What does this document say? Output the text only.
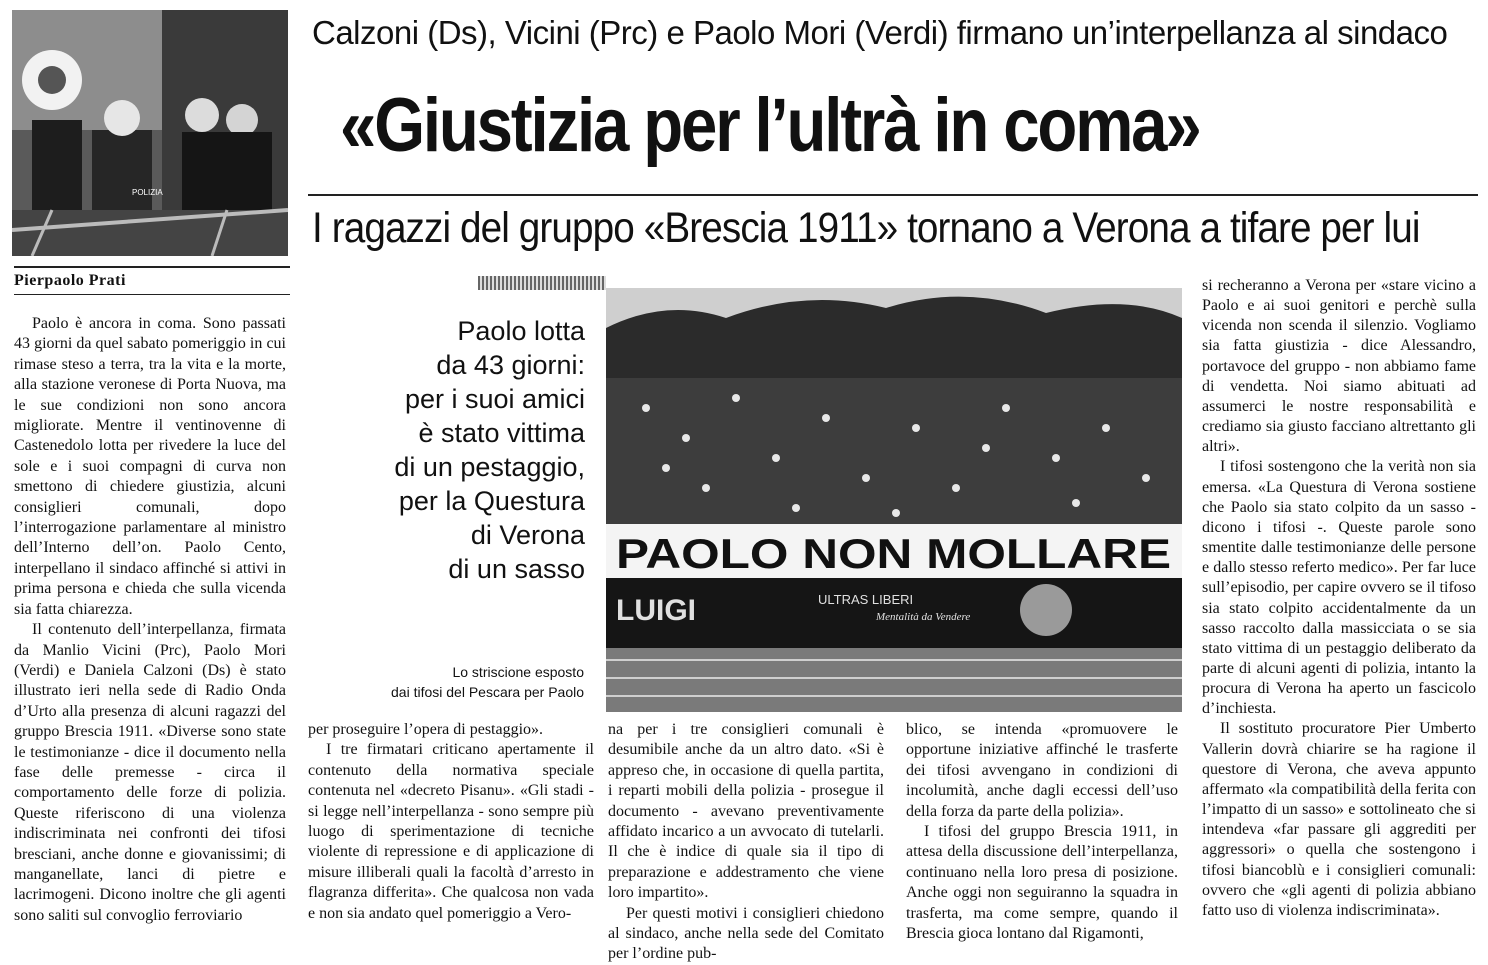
POLIZIA
Calzoni (Ds), Vicini (Prc) e Paolo Mori (Verdi) firmano un’interpellanza al sindaco
«Giustizia per l’ultrà in coma»
I ragazzi del gruppo «Brescia 1911» tornano a Verona a tifare per lui
Pierpaolo Prati
Paolo lotta
da 43 giorni:
per i suoi amici
è stato vittima
di un pestaggio,
per la Questura
di Verona
di un sasso PAOLO NON MOLLARE
LUIGI	ULTRAS LIBERI
Mentalità da Vendere
Lo striscione esposto
dai tifosi del Pescara per Paolo

Paolo è ancora in coma. Sono passati 43 giorni da quel sabato pomeriggio in cui rimase steso a terra, tra la vita e la morte, alla stazione veronese di Porta Nuova, ma le sue condizioni non sono ancora migliorate. Mentre il ventinovenne di Castenedolo lotta per rivedere la luce del sole e i suoi compagni di curva non smettono di chiedere giustizia, alcuni consiglieri comunali, dopo l’interrogazione parlamentare al ministro dell’Interno dell’on. Paolo Cento, interpellano il sindaco affinché si attivi in prima persona e chieda che sulla vicenda sia fatta chiarezza.

Il contenuto dell’interpellanza, firmata da Manlio Vicini (Prc), Paolo Mori (Verdi) e Daniela Calzoni (Ds) è stato illustrato ieri nella sede di Radio Onda d’Urto alla presenza di alcuni ragazzi del gruppo Brescia 1911. «Diverse sono state le testimonianze - dice il documento nella fase delle premesse - circa il comportamento delle forze di polizia. Queste riferiscono di una violenza indiscriminata nei confronti dei tifosi bresciani, anche donne e giovanissimi; di manganellate, lanci di pietre e lacrimogeni. Dicono inoltre che gli agenti sono saliti sul convoglio ferroviario

per proseguire l’opera di pestaggio».

I tre firmatari criticano apertamente il contenuto della normativa speciale contenuta nel «decreto Pisanu». «Gli stadi - si legge nell’interpellanza - sono sempre più luogo di sperimentazione di tecniche violente di repressione e di applicazione di misure illiberali quali la facoltà d’arresto in flagranza differita». Che qualcosa non vada e non sia andato quel pomeriggio a Vero-

na per i tre consiglieri comunali è desumibile anche da un altro dato. «Si è appreso che, in occasione di quella partita, i reparti mobili della polizia - prosegue il documento - avevano preventivamente affidato incarico a un avvocato di tutelarli. Il che è indice di quale sia il tipo di preparazione e addestramento che viene loro impartito».

Per questi motivi i consiglieri chiedono al sindaco, anche nella sede del Comitato per l’ordine pub-

blico, se intenda «promuovere le opportune iniziative affinché le trasferte dei tifosi avvengano in condizioni di incolumità, anche dagli eccessi dell’uso della forza da parte della polizia».

I tifosi del gruppo Brescia 1911, in attesa della discussione dell’interpellanza, continuano nella loro presa di posizione. Anche oggi non seguiranno la squadra in trasferta, ma come sempre, quando il Brescia gioca lontano dal Rigamonti,

si recheranno a Verona per «stare vicino a Paolo e ai suoi genitori e perchè sulla vicenda non scenda il silenzio. Vogliamo sia fatta giustizia - dice Alessandro, portavoce del gruppo - non abbiamo fame di vendetta. Noi siamo abituati ad assumerci le nostre responsabilità e crediamo sia giusto facciano altrettanto gli altri».

I tifosi sostengono che la verità non sia emersa. «La Questura di Verona sostiene che Paolo sia stato colpito da un sasso - dicono i tifosi -. Queste parole sono smentite dalle testimonianze delle persone e dallo stesso referto medico». Per far luce sull’episodio, per capire ovvero se il tifoso sia stato colpito accidentalmente da un sasso raccolto dalla massicciata o se sia stato vittima di un pestaggio deliberato da parte di alcuni agenti di polizia, intanto la procura di Verona ha aperto un fascicolo d’inchiesta.

Il sostituto procuratore Pier Umberto Vallerin dovrà chiarire se ha ragione il questore di Verona, che aveva appunto affermato «la compatibilità della ferita con l’impatto di un sasso» e sottolineato che si intendeva «far passare gli aggrediti per aggressori» o quella che sostengono i tifosi biancoblù e i consiglieri comunali: ovvero che «gli agenti di polizia abbiano fatto uso di violenza indiscriminata».
